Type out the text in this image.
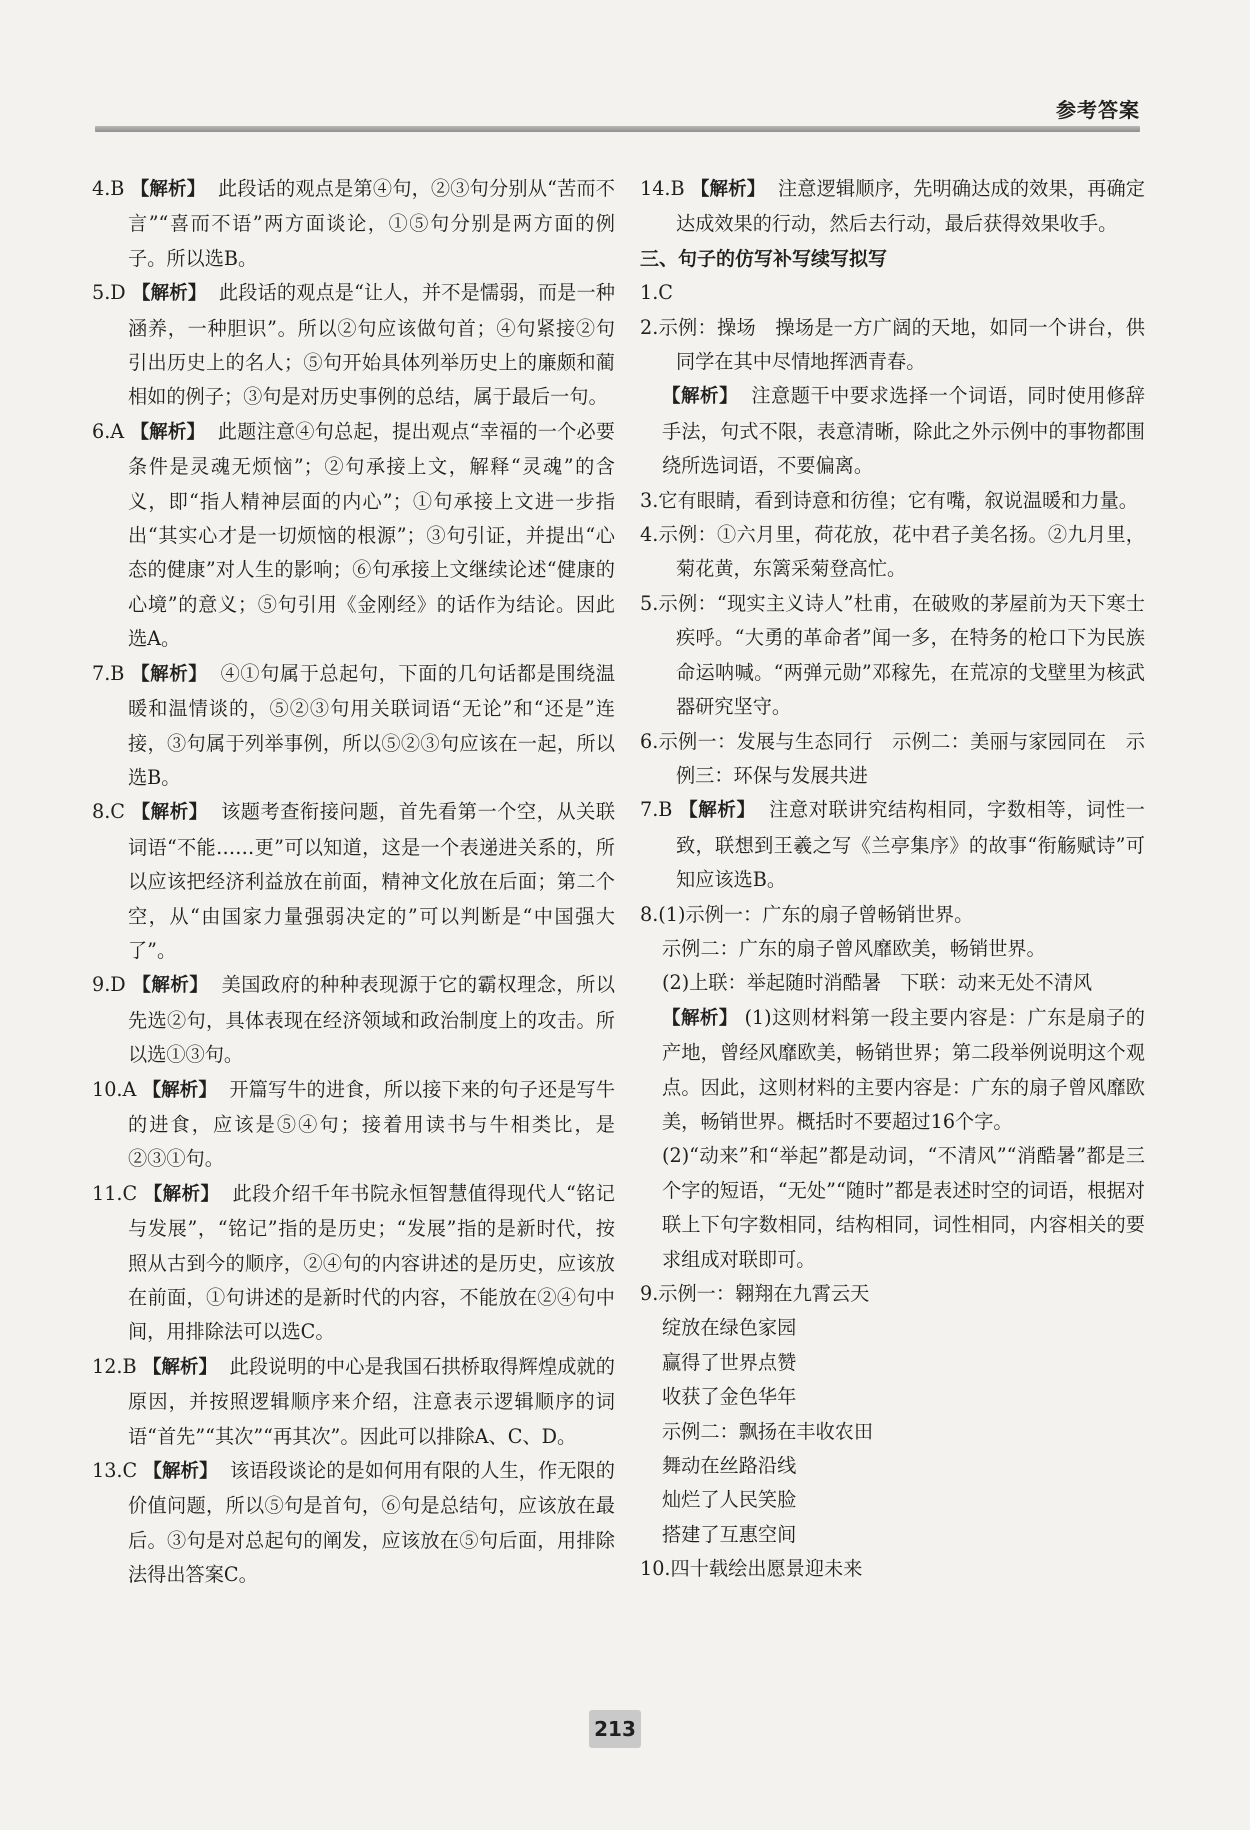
参考答案

4.B 【解析】 此段话的观点是第④句，②③句分别从“苦而不言”“喜而不语”两方面谈论，①⑤句分别是两方面的例子。所以选B。

5.D 【解析】 此段话的观点是“让人，并不是懦弱，而是一种涵养，一种胆识”。所以②句应该做句首；④句紧接②句引出历史上的名人；⑤句开始具体列举历史上的廉颇和蔺相如的例子；③句是对历史事例的总结，属于最后一句。

6.A 【解析】 此题注意④句总起，提出观点“幸福的一个必要条件是灵魂无烦恼”；②句承接上文，解释“灵魂”的含义，即“指人精神层面的内心”；①句承接上文进一步指出“其实心才是一切烦恼的根源”；③句引证，并提出“心态的健康”对人生的影响；⑥句承接上文继续论述“健康的心境”的意义；⑤句引用《金刚经》的话作为结论。因此选A。

7.B 【解析】 ④①句属于总起句，下面的几句话都是围绕温暖和温情谈的，⑤②③句用关联词语“无论”和“还是”连接，③句属于列举事例，所以⑤②③句应该在一起，所以选B。

8.C 【解析】 该题考查衔接问题，首先看第一个空，从关联词语“不能……更”可以知道，这是一个表递进关系的，所以应该把经济利益放在前面，精神文化放在后面；第二个空，从“由国家力量强弱决定的”可以判断是“中国强大了”。

9.D 【解析】 美国政府的种种表现源于它的霸权理念，所以先选②句，具体表现在经济领域和政治制度上的攻击。所以选①③句。

10.A 【解析】 开篇写牛的进食，所以接下来的句子还是写牛的进食，应该是⑤④句；接着用读书与牛相类比，是②③①句。

11.C 【解析】 此段介绍千年书院永恒智慧值得现代人“铭记与发展”，“铭记”指的是历史；“发展”指的是新时代，按照从古到今的顺序，②④句的内容讲述的是历史，应该放在前面，①句讲述的是新时代的内容，不能放在②④句中间，用排除法可以选C。

12.B 【解析】 此段说明的中心是我国石拱桥取得辉煌成就的原因，并按照逻辑顺序来介绍，注意表示逻辑顺序的词语“首先”“其次”“再其次”。因此可以排除A、C、D。

13.C 【解析】 该语段谈论的是如何用有限的人生，作无限的价值问题，所以⑤句是首句，⑥句是总结句，应该放在最后。③句是对总起句的阐发，应该放在⑤句后面，用排除法得出答案C。

14.B 【解析】 注意逻辑顺序，先明确达成的效果，再确定达成效果的行动，然后去行动，最后获得效果收手。

三、句子的仿写补写续写拟写

1.C

2.示例：操场　操场是一方广阔的天地，如同一个讲台，供同学在其中尽情地挥洒青春。

【解析】 注意题干中要求选择一个词语，同时使用修辞手法，句式不限，表意清晰，除此之外示例中的事物都围绕所选词语，不要偏离。

3.它有眼睛，看到诗意和彷徨；它有嘴，叙说温暖和力量。

4.示例：①六月里，荷花放，花中君子美名扬。②九月里，菊花黄，东篱采菊登高忙。

5.示例：“现实主义诗人”杜甫，在破败的茅屋前为天下寒士疾呼。“大勇的革命者”闻一多，在特务的枪口下为民族命运呐喊。“两弹元勋”邓稼先，在荒凉的戈壁里为核武器研究坚守。

6.示例一：发展与生态同行　示例二：美丽与家园同在　示例三：环保与发展共进

7.B 【解析】 注意对联讲究结构相同，字数相等，词性一致，联想到王羲之写《兰亭集序》的故事“衔觞赋诗”可知应该选B。

8.(1)示例一：广东的扇子曾畅销世界。

示例二：广东的扇子曾风靡欧美，畅销世界。

(2)上联：举起随时消酷暑　下联：动来无处不清风

【解析】 (1)这则材料第一段主要内容是：广东是扇子的产地，曾经风靡欧美，畅销世界；第二段举例说明这个观点。因此，这则材料的主要内容是：广东的扇子曾风靡欧美，畅销世界。概括时不要超过16个字。

(2)“动来”和“举起”都是动词，“不清风”“消酷暑”都是三个字的短语，“无处”“随时”都是表述时空的词语，根据对联上下句字数相同，结构相同，词性相同，内容相关的要求组成对联即可。

9.示例一：翱翔在九霄云天

绽放在绿色家园

赢得了世界点赞

收获了金色华年

示例二：飘扬在丰收农田

舞动在丝路沿线

灿烂了人民笑脸

搭建了互惠空间

10.四十载绘出愿景迎未来

213
